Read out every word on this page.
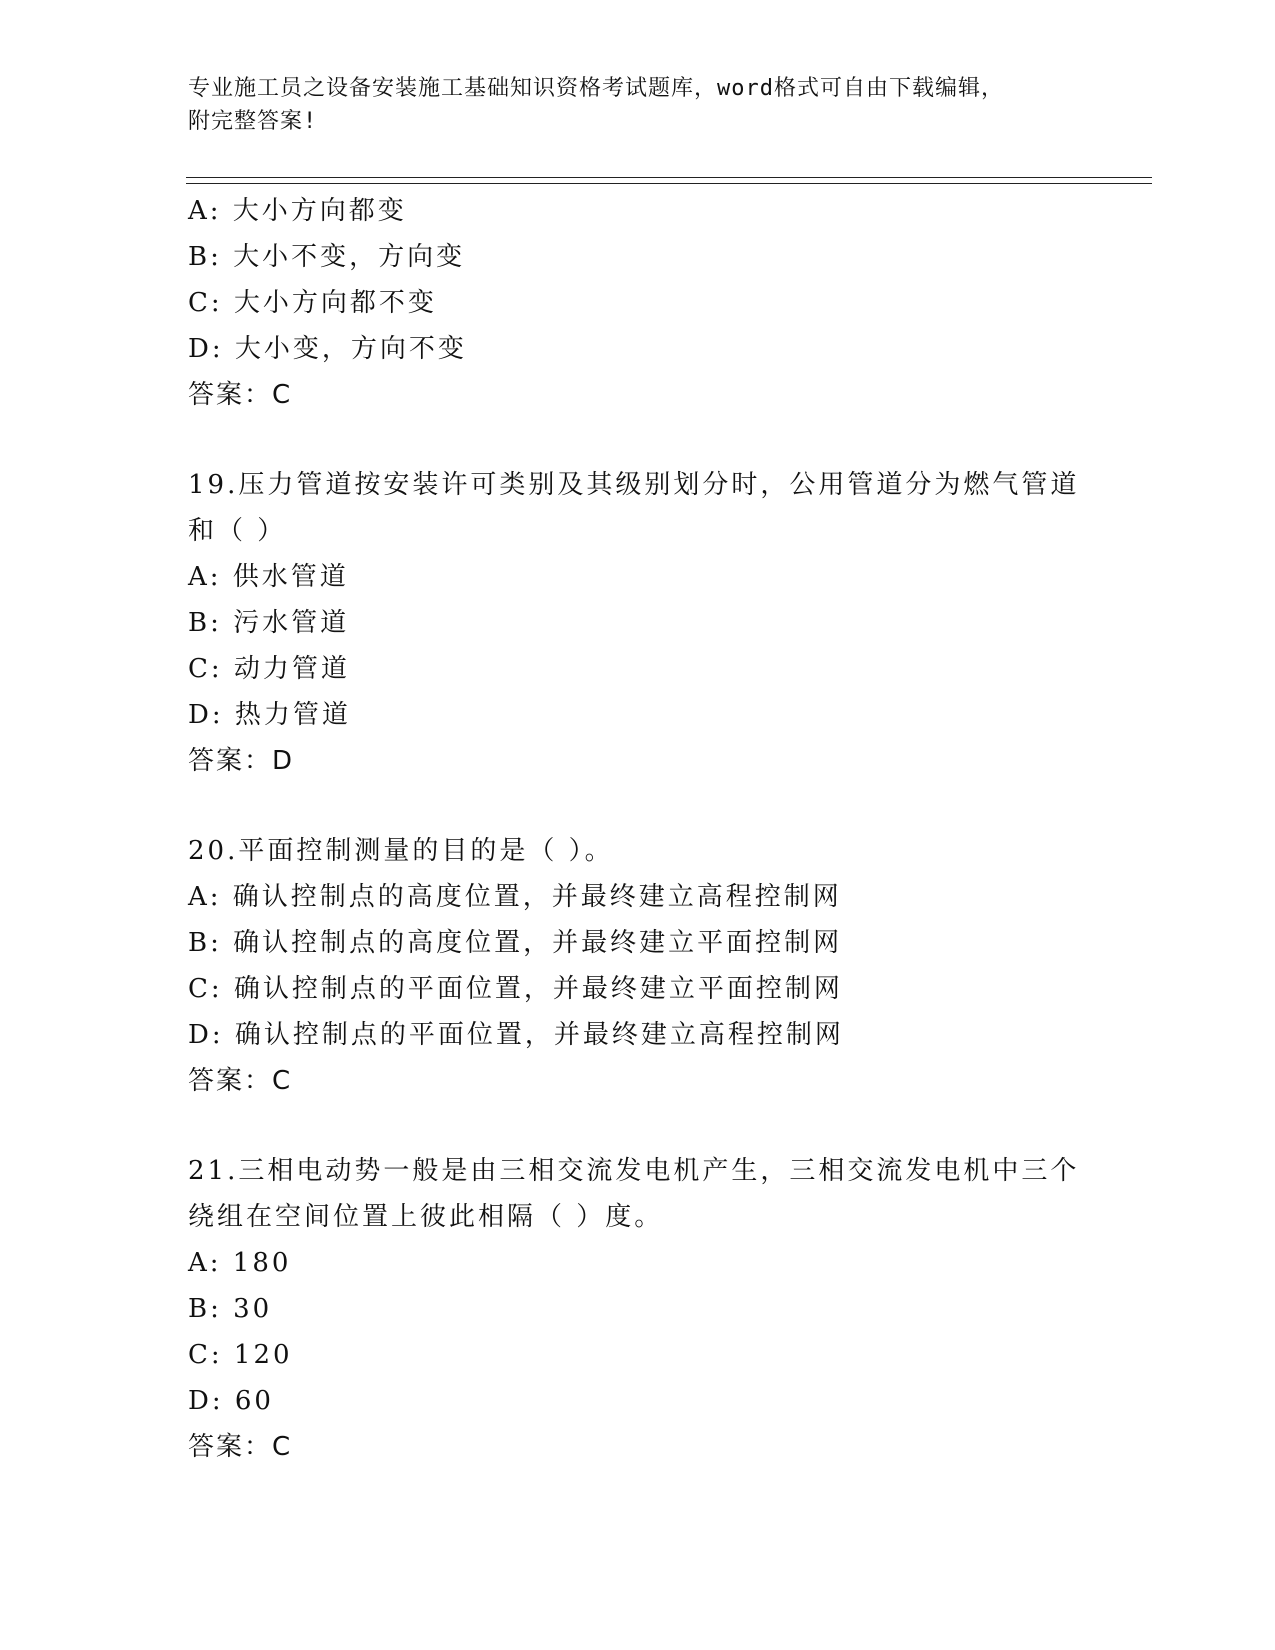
专业施工员之设备安装施工基础知识资格考试题库，word格式可自由下载编辑，
附完整答案!
A: 大小方向都变
B: 大小不变，方向变
C: 大小方向都不变
D: 大小变，方向不变
答案：C
19.压力管道按安装许可类别及其级别划分时，公用管道分为燃气管道
和（ ）
A: 供水管道
B: 污水管道
C: 动力管道
D: 热力管道
答案：D
20.平面控制测量的目的是（ ）。
A: 确认控制点的高度位置，并最终建立高程控制网
B: 确认控制点的高度位置，并最终建立平面控制网
C: 确认控制点的平面位置，并最终建立平面控制网
D: 确认控制点的平面位置，并最终建立高程控制网
答案：C
21.三相电动势一般是由三相交流发电机产生，三相交流发电机中三个
绕组在空间位置上彼此相隔（ ）度。
A: 180
B: 30
C: 120
D: 60
答案：C
